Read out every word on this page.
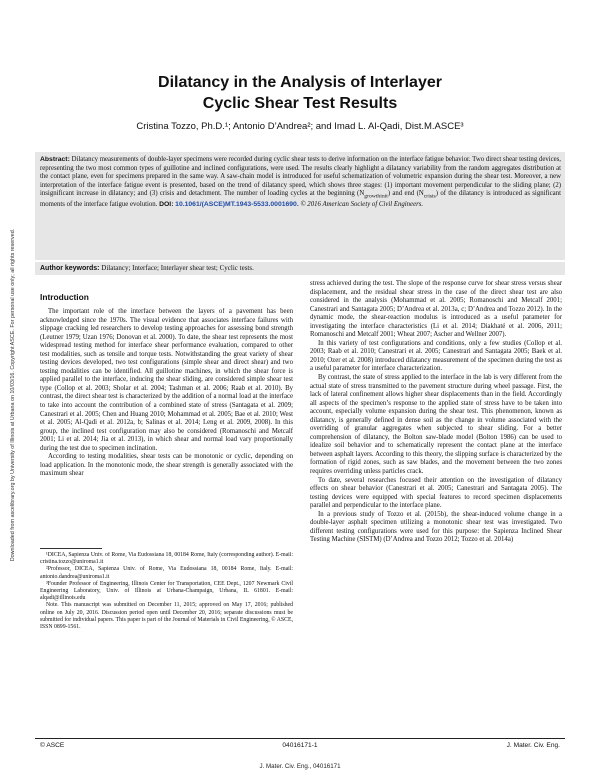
Downloaded from ascelibrary.org by University of Illinois at Urbana on 10/03/16. Copyright ASCE. For personal use only; all rights reserved.
Dilatancy in the Analysis of Interlayer
Cyclic Shear Test Results
Cristina Tozzo, Ph.D.¹; Antonio D’Andrea²; and Imad L. Al-Qadi, Dist.M.ASCE³
Abstract: Dilatancy measurements of double-layer specimens were recorded during cyclic shear tests to derive information on the interface fatigue behavior. Two direct shear testing devices, representing the two most common types of guillotine and inclined configurations, were used. The results clearly highlight a dilatancy variability from the random aggregates distribution at the contact plane, even for specimens prepared in the same way. A saw-chain model is introduced for useful schematization of volumetric expansion during the shear test. Moreover, a new interpretation of the interface fatigue event is presented, based on the trend of dilatancy speed, which shows three stages: (1) important movement perpendicular to the sliding plane; (2) insignificant increase in dilatancy; and (3) crisis and detachment. The number of loading cycles at the beginning $(N_{growthinit})$ and end $(N_{crisis})$ of the dilatancy is introduced as significant moments of the interface fatigue evolution. DOI: 10.1061/(ASCE)MT.1943-5533.0001690. © 2016 American Society of Civil Engineers.
Author keywords: Dilatancy; Interface; Interlayer shear test; Cyclic tests.
Introduction

The important role of the interface between the layers of a pavement has been acknowledged since the 1970s. The visual evidence that associates interface failures with slippage cracking led researchers to develop testing approaches for assessing bond strength (Leutner 1979; Uzan 1976; Donovan et al. 2000). To date, the shear test represents the most widespread testing method for interface shear performance evaluation, compared to other test modalities, such as tensile and torque tests. Notwithstanding the great variety of shear testing devices developed, two test configurations (simple shear and direct shear) and two testing modalities can be identified. All guillotine machines, in which the shear force is applied parallel to the interface, inducing the shear sliding, are considered simple shear test type (Collop et al. 2003; Sholar et al. 2004; Tashman et al. 2006; Raab et al. 2010). By contrast, the direct shear test is characterized by the addition of a normal load at the interface to take into account the contribution of a combined state of stress (Santagata et al. 2009; Canestrari et al. 2005; Chen and Huang 2010; Mohammad et al. 2005; Bae et al. 2010; West et al. 2005; Al-Qadi et al. 2012a, b; Salinas et al. 2014; Leng et al. 2009, 2008). In this group, the inclined test configuration may also be considered (Romanoschi and Metcalf 2001; Li et al. 2014; Jia et al. 2013), in which shear and normal load vary proportionally during the test due to specimen inclination.

According to testing modalities, shear tests can be monotonic or cyclic, depending on load application. In the monotonic mode, the shear strength is generally associated with the maximum shear

¹DICEA, Sapienza Univ. of Rome, Via Eudossiana 18, 00184 Rome, Italy (corresponding author). E-mail: cristina.tozzo@uniroma1.it

²Professor, DICEA, Sapienza Univ. of Rome, Via Eudossiana 18, 00184 Rome, Italy. E-mail: antonio.dandrea@uniroma1.it

³Founder Professor of Engineering, Illinois Center for Transportation, CEE Dept., 1207 Newmark Civil Engineering Laboratory, Univ. of Illinois at Urbana-Champaign, Urbana, IL 61801. E-mail: alqadi@illinois.edu

Note. This manuscript was submitted on December 11, 2015; approved on May 17, 2016; published online on July 20, 2016. Discussion period open until December 20, 2016; separate discussions must be submitted for individual papers. This paper is part of the Journal of Materials in Civil Engineering, © ASCE, ISSN 0899-1561.

stress achieved during the test. The slope of the response curve for shear stress versus shear displacement, and the residual shear stress in the case of the direct shear test are also considered in the analysis (Mohammad et al. 2005; Romanoschi and Metcalf 2001; Canestrari and Santagata 2005; D’Andrea et al. 2013a, c; D’Andrea and Tozzo 2012). In the dynamic mode, the shear-reaction modulus is introduced as a useful parameter for investigating the interface characteristics (Li et al. 2014; Diakhaté et al. 2006, 2011; Romanoschi and Metcalf 2001; Wheat 2007; Ascher and Wellner 2007).

In this variety of test configurations and conditions, only a few studies (Collop et al. 2003; Raab et al. 2010; Canestrari et al. 2005; Canestrari and Santagata 2005; Baek et al. 2010; Ozer et al. 2008) introduced dilatancy measurement of the specimen during the test as a useful parameter for interface characterization.

By contrast, the state of stress applied to the interface in the lab is very different from the actual state of stress transmitted to the pavement structure during wheel passage. First, the lack of lateral confinement allows higher shear displacements than in the field. Accordingly all aspects of the specimen’s response to the applied state of stress have to be taken into account, especially volume expansion during the shear test. This phenomenon, known as dilatancy, is generally defined in dense soil as the change in volume associated with the overriding of granular aggregates when subjected to shear sliding. For a better comprehension of dilatancy, the Bolton saw-blade model (Bolton 1986) can be used to idealize soil behavior and to schematically represent the contact plane at the interface between asphalt layers. According to this theory, the slipping surface is characterized by the formation of rigid zones, such as saw blades, and the movement between the two zones requires overriding unless particles crack.

To date, several researches focused their attention on the investigation of dilatancy effects on shear behavior (Canestrari et al. 2005; Canestrari and Santagata 2005). The testing devices were equipped with special features to record specimen displacements parallel and perpendicular to the interface plane.

In a previous study of Tozzo et al. (2015b), the shear-induced volume change in a double-layer asphalt specimen utilizing a monotonic shear test was investigated. Two different testing configurations were used for this purpose: the Sapienza Inclined Shear Testing Machine (SISTM) (D’Andrea and Tozzo 2012; Tozzo et al. 2014a)

© ASCE	04016171-1	J. Mater. Civ. Eng.
J. Mater. Civ. Eng., 04016171
